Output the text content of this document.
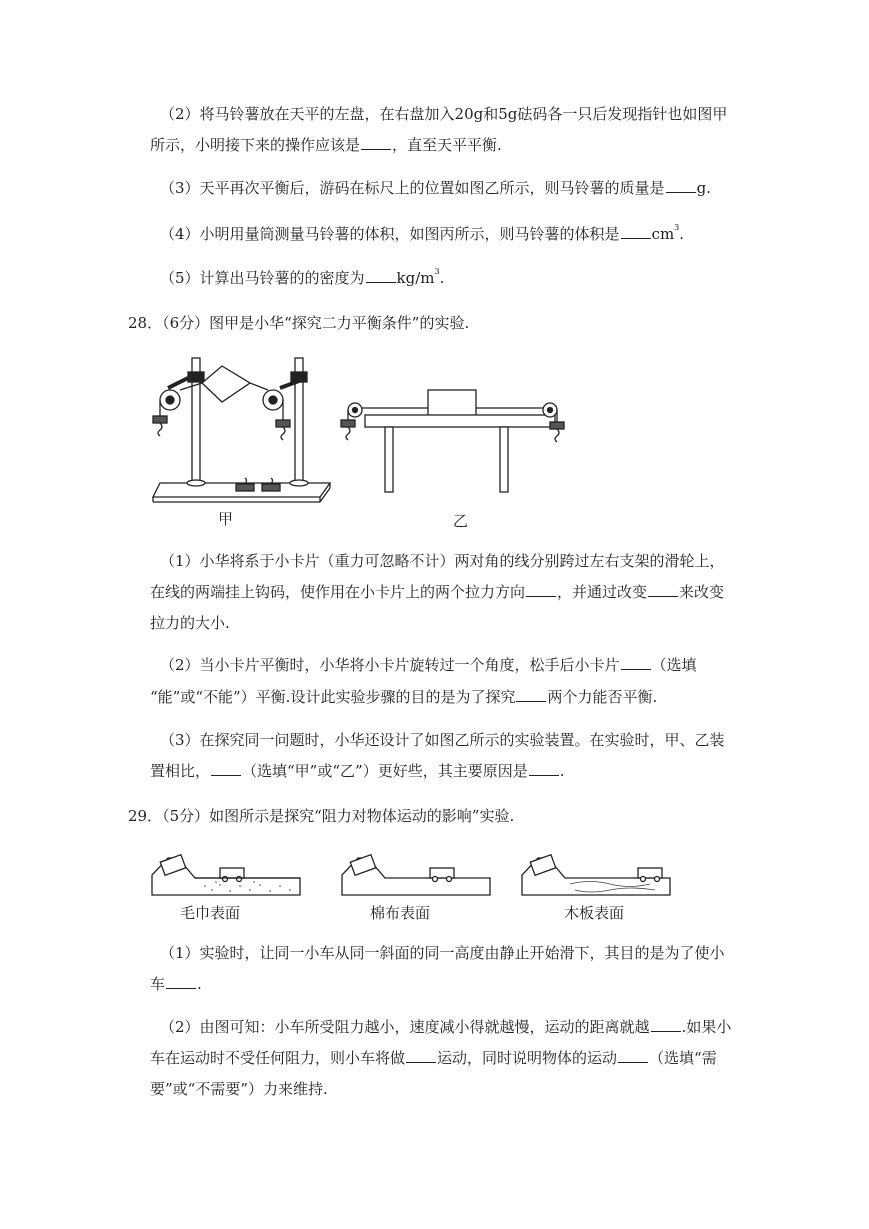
（2）将马铃薯放在天平的左盘，在右盘加入20g和5g砝码各一只后发现指针也如图甲
所示，小明接下来的操作应该是 ，直至天平平衡.
（3）天平再次平衡后，游码在标尺上的位置如图乙所示，则马铃薯的质量是 g.
（4）小明用量筒测量马铃薯的体积，如图丙所示，则马铃薯的体积是 $cm^3$.
（5）计算出马铃薯的的密度为 $kg/m^3$.
28．（6分）图甲是小华“探究二力平衡条件”的实验.
甲	乙
（1）小华将系于小卡片（重力可忽略不计）两对角的线分别跨过左右支架的滑轮上，
在线的两端挂上钩码，使作用在小卡片上的两个拉力方向 ，并通过改变 来改变
拉力的大小.
（2）当小卡片平衡时，小华将小卡片旋转过一个角度，松手后小卡片 （选填
“能”或“不能”）平衡.设计此实验步骤的目的是为了探究 两个力能否平衡.
（3）在探究同一问题时，小华还设计了如图乙所示的实验装置。在实验时，甲、乙装
置相比， （选填“甲”或“乙”）更好些，其主要原因是 .
29．（5分）如图所示是探究“阻力对物体运动的影响”实验.
毛巾表面	棉布表面	木板表面
（1）实验时，让同一小车从同一斜面的同一高度由静止开始滑下，其目的是为了使小
车 .
（2）由图可知：小车所受阻力越小，速度减小得就越慢，运动的距离就越 .如果小
车在运动时不受任何阻力，则小车将做 运动，同时说明物体的运动 （选填“需
要”或“不需要”）力来维持.
